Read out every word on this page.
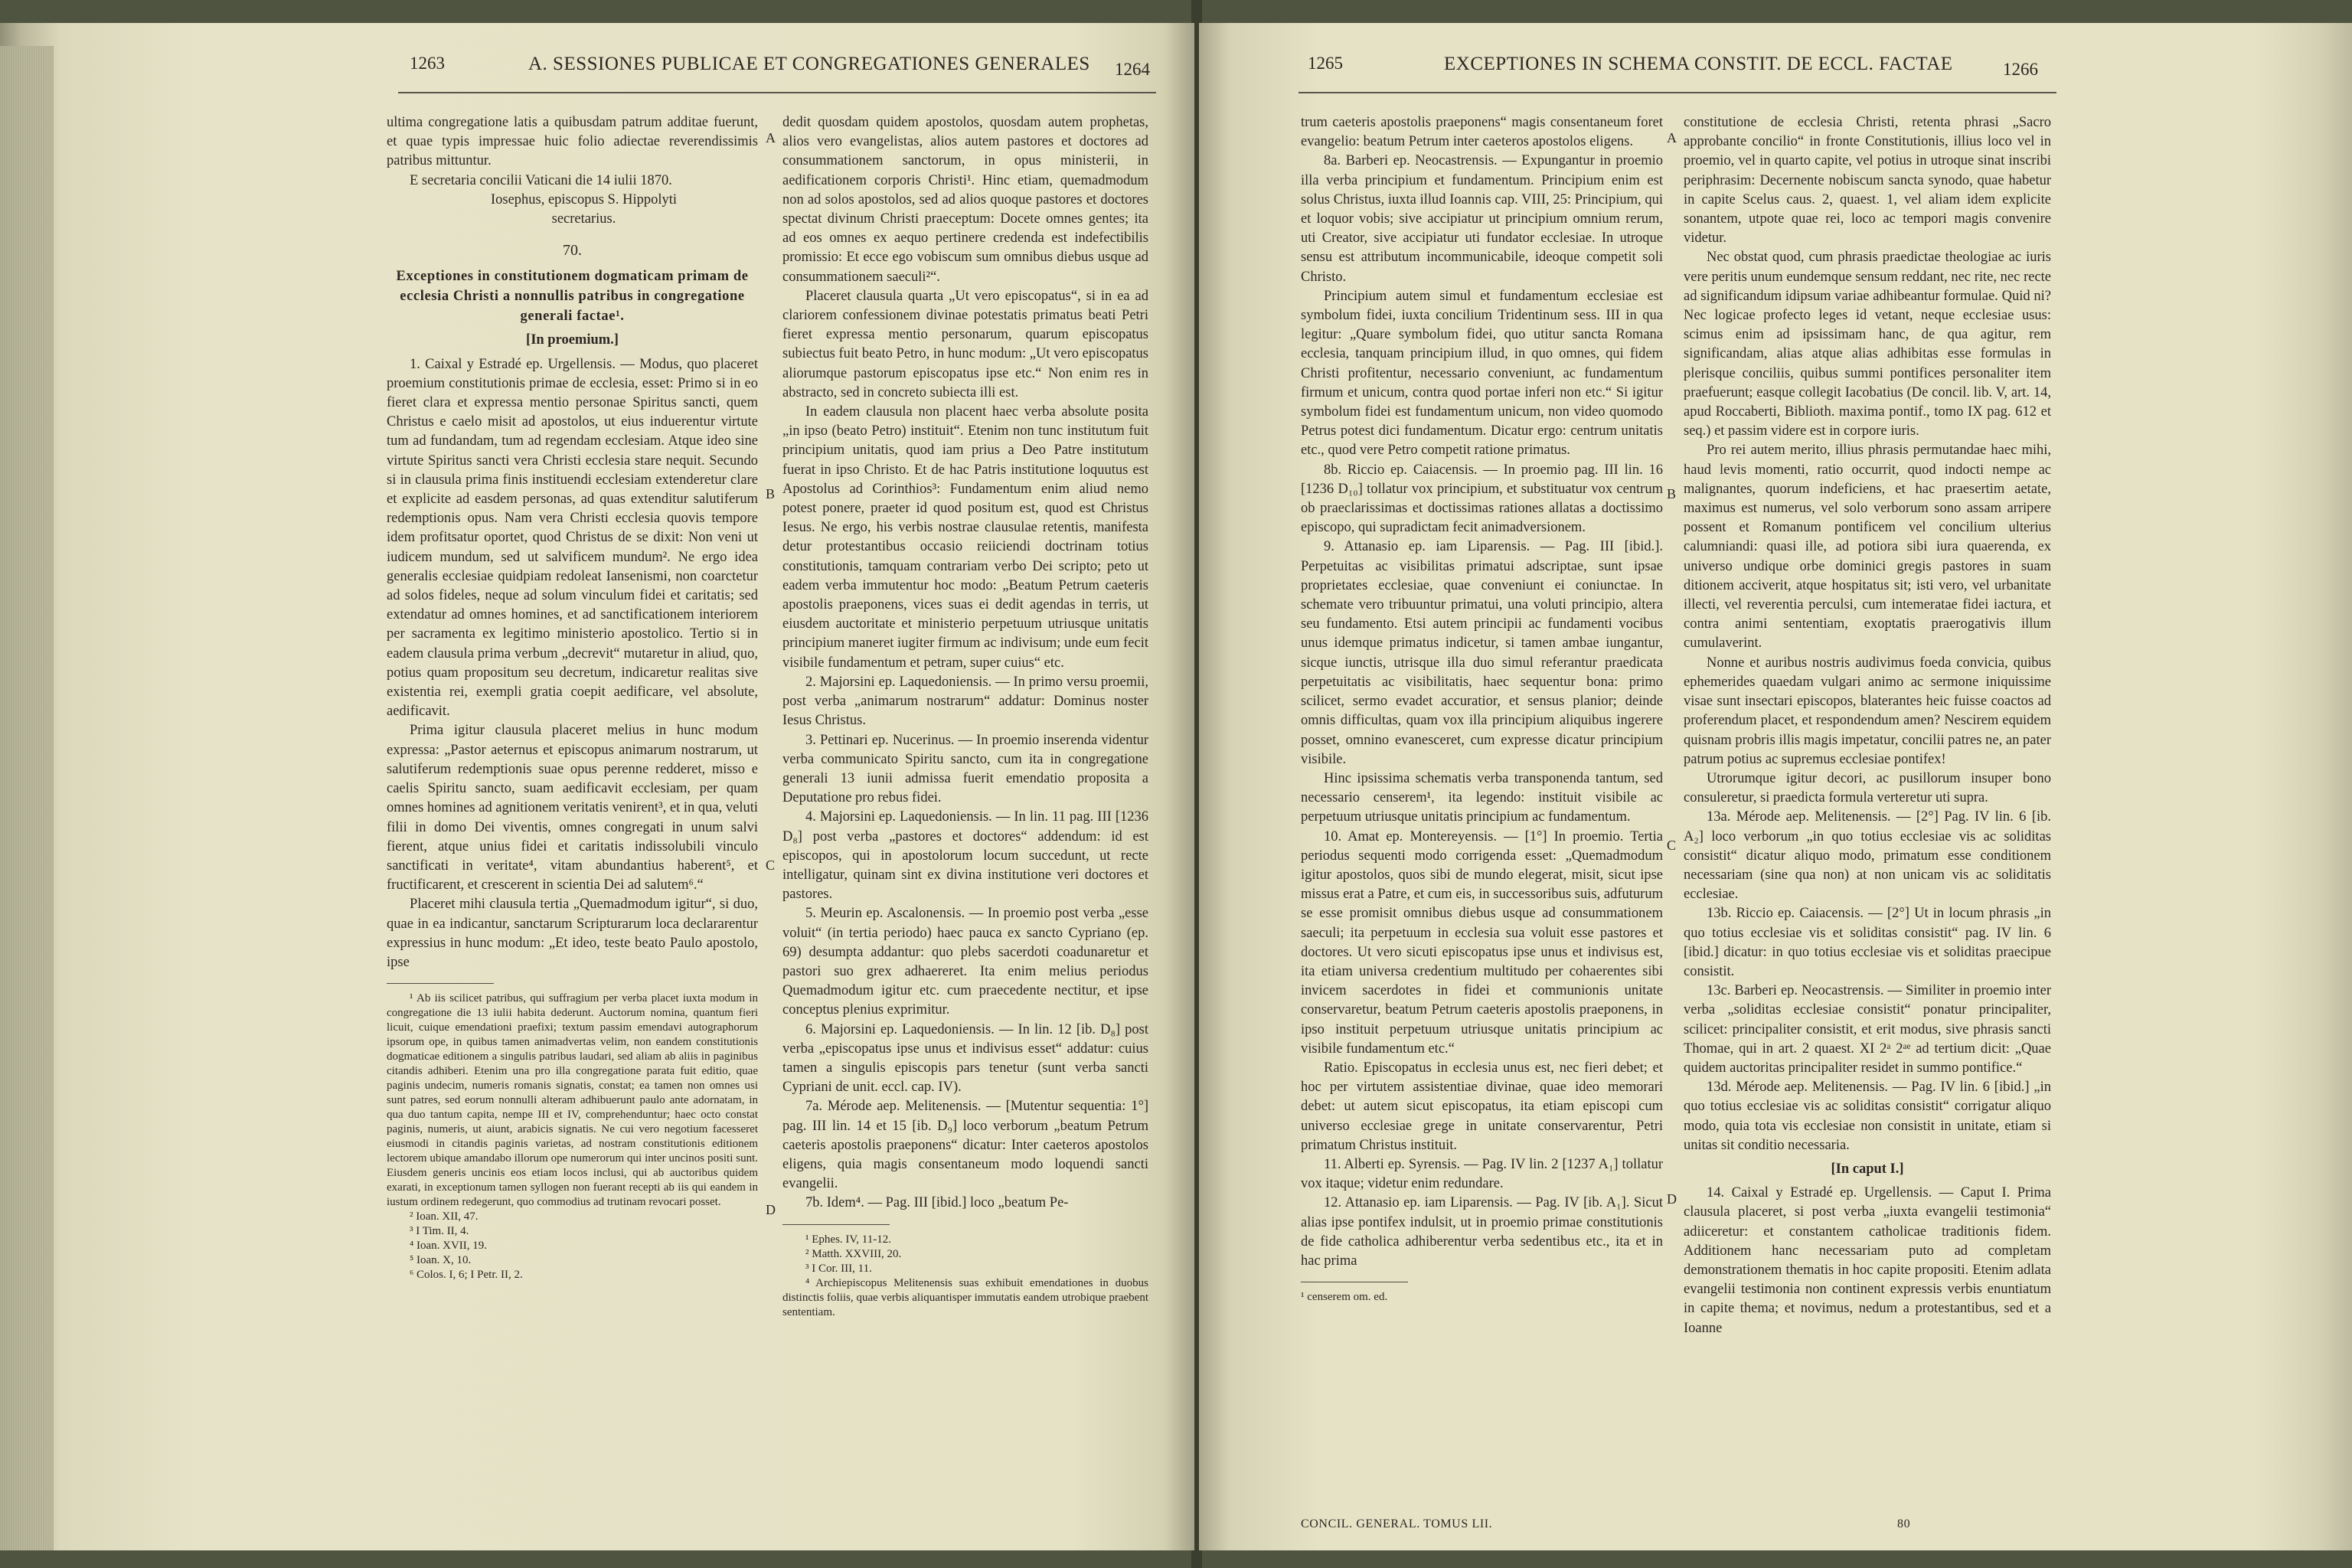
1263	A. SESSIONES PUBLICAE ET CONGREGATIONES GENERALES 1264

ultima congregatione latis a quibusdam patrum additae fuerunt, et quae typis impressae huic folio adiectae reverendissimis patribus mittuntur.

E secretaria concilii Vaticani die 14 iulii 1870.

Iosephus, episcopus S. Hippolyti

secretarius.

70.
Exceptiones in constitutionem dogmaticam primam de ecclesia Christi a nonnullis patribus in congregatione generali factae¹.
[In proemium.]

1. Caixal y Estradé ep. Urgellensis. — Modus, quo placeret proemium constitutionis primae de ecclesia, esset: Primo si in eo fieret clara et expressa mentio personae Spiritus sancti, quem Christus e caelo misit ad apostolos, ut eius induerentur virtute tum ad fundandam, tum ad regendam ecclesiam. Atque ideo sine virtute Spiritus sancti vera Christi ecclesia stare nequit. Secundo si in clausula prima finis instituendi ecclesiam extenderetur clare et explicite ad easdem personas, ad quas extenditur salutiferum redemptionis opus. Nam vera Christi ecclesia quovis tempore idem profitsatur oportet, quod Christus de se dixit: Non veni ut iudicem mundum, sed ut salvificem mundum². Ne ergo idea generalis ecclesiae quidpiam redoleat Iansenismi, non coarctetur ad solos fideles, neque ad solum vinculum fidei et caritatis; sed extendatur ad omnes homines, et ad sanctificationem interiorem per sacramenta ex legitimo ministerio apostolico. Tertio si in eadem clausula prima verbum „decrevit“ mutaretur in aliud, quo, potius quam propositum seu decretum, indicaretur realitas sive existentia rei, exempli gratia coepit aedificare, vel absolute, aedificavit.

Prima igitur clausula placeret melius in hunc modum expressa: „Pastor aeternus et episcopus animarum nostrarum, ut salutiferum redemptionis suae opus perenne redderet, misso e caelis Spiritu sancto, suam aedificavit ecclesiam, per quam omnes homines ad agnitionem veritatis venirent³, et in qua, veluti filii in domo Dei viventis, omnes congregati in unum salvi fierent, atque unius fidei et caritatis indissolubili vinculo sanctificati in veritate⁴, vitam abundantius haberent⁵, et fructificarent, et crescerent in scientia Dei ad salutem⁶.“

Placeret mihi clausula tertia „Quemadmodum igitur“, si duo, quae in ea indicantur, sanctarum Scripturarum loca declararentur expressius in hunc modum: „Et ideo, teste beato Paulo apostolo, ipse

¹ Ab iis scilicet patribus, qui suffragium per verba placet iuxta modum in congregatione die 13 iulii habita dederunt. Auctorum nomina, quantum fieri licuit, cuique emendationi praefixi; textum passim emendavi autographorum ipsorum ope, in quibus tamen animadvertas velim, non eandem constitutionis dogmaticae editionem a singulis patribus laudari, sed aliam ab aliis in paginibus citandis adhiberi. Etenim una pro illa congregatione parata fuit editio, quae paginis undecim, numeris romanis signatis, constat; ea tamen non omnes usi sunt patres, sed eorum nonnulli alteram adhibuerunt paulo ante adornatam, in qua duo tantum capita, nempe III et IV, comprehenduntur; haec octo constat paginis, numeris, ut aiunt, arabicis signatis. Ne cui vero negotium facesseret eiusmodi in citandis paginis varietas, ad nostram constitutionis editionem lectorem ubique amandabo illorum ope numerorum qui inter uncinos positi sunt. Eiusdem generis uncinis eos etiam locos inclusi, qui ab auctoribus quidem exarati, in exceptionum tamen syllogen non fuerant recepti ab iis qui eandem in iustum ordinem redegerunt, quo commodius ad trutinam revocari posset.

² Ioan. XII, 47.

³ I Tim. II, 4.

⁴ Ioan. XVII, 19.

⁵ Ioan. X, 10.

⁶ Colos. I, 6; I Petr. II, 2.

A
B
C
D

dedit quosdam quidem apostolos, quosdam autem prophetas, alios vero evangelistas, alios autem pastores et doctores ad consummationem sanctorum, in opus ministerii, in aedificationem corporis Christi¹. Hinc etiam, quemadmodum non ad solos apostolos, sed ad alios quoque pastores et doctores spectat divinum Christi praeceptum: Docete omnes gentes; ita ad eos omnes ex aequo pertinere credenda est indefectibilis promissio: Et ecce ego vobiscum sum omnibus diebus usque ad consummationem saeculi²“.

Placeret clausula quarta „Ut vero episcopatus“, si in ea ad clariorem confessionem divinae potestatis primatus beati Petri fieret expressa mentio personarum, quarum episcopatus subiectus fuit beato Petro, in hunc modum: „Ut vero episcopatus aliorumque pastorum episcopatus ipse etc.“ Non enim res in abstracto, sed in concreto subiecta illi est.

In eadem clausula non placent haec verba absolute posita „in ipso (beato Petro) instituit“. Etenim non tunc institutum fuit principium unitatis, quod iam prius a Deo Patre institutum fuerat in ipso Christo. Et de hac Patris institutione loquutus est Apostolus ad Corinthios³: Fundamentum enim aliud nemo potest ponere, praeter id quod positum est, quod est Christus Iesus. Ne ergo, his verbis nostrae clausulae retentis, manifesta detur protestantibus occasio reiiciendi doctrinam totius constitutionis, tamquam contrariam verbo Dei scripto; peto ut eadem verba immutentur hoc modo: „Beatum Petrum caeteris apostolis praeponens, vices suas ei dedit agendas in terris, ut eiusdem auctoritate et ministerio perpetuum utriusque unitatis principium maneret iugiter firmum ac indivisum; unde eum fecit visibile fundamentum et petram, super cuius“ etc.

2. Majorsini ep. Laquedoniensis. — In primo versu proemii, post verba „animarum nostrarum“ addatur: Dominus noster Iesus Christus.

3. Pettinari ep. Nucerinus. — In proemio inserenda videntur verba communicato Spiritu sancto, cum ita in congregatione generali 13 iunii admissa fuerit emendatio proposita a Deputatione pro rebus fidei.

4. Majorsini ep. Laquedoniensis. — In lin. 11 pag. III [1236 D₈] post verba „pastores et doctores“ addendum: id est episcopos, qui in apostolorum locum succedunt, ut recte intelligatur, quinam sint ex divina institutione veri doctores et pastores.

5. Meurin ep. Ascalonensis. — In proemio post verba „esse voluit“ (in tertia periodo) haec pauca ex sancto Cypriano (ep. 69) desumpta addantur: quo plebs sacerdoti coadunaretur et pastori suo grex adhaereret. Ita enim melius periodus Quemadmodum igitur etc. cum praecedente nectitur, et ipse conceptus plenius exprimitur.

6. Majorsini ep. Laquedoniensis. — In lin. 12 [ib. D₈] post verba „episcopatus ipse unus et indivisus esset“ addatur: cuius tamen a singulis episcopis pars tenetur (sunt verba sancti Cypriani de unit. eccl. cap. IV).

7a. Mérode aep. Melitenensis. — [Mutentur sequentia: 1°] pag. III lin. 14 et 15 [ib. D₉] loco verborum „beatum Petrum caeteris apostolis praeponens“ dicatur: Inter caeteros apostolos eligens, quia magis consentaneum modo loquendi sancti evangelii.

7b. Idem⁴. — Pag. III [ibid.] loco „beatum Pe-

¹ Ephes. IV, 11-12.

² Matth. XXVIII, 20.

³ I Cor. III, 11.

⁴ Archiepiscopus Melitenensis suas exhibuit emendationes in duobus distinctis foliis, quae verbis aliquantisper immutatis eandem utrobique praebent sententiam.

1265	EXCEPTIONES IN SCHEMA CONSTIT. DE ECCL. FACTAE	1266

trum caeteris apostolis praeponens“ magis consentaneum foret evangelio: beatum Petrum inter caeteros apostolos eligens.

8a. Barberi ep. Neocastrensis. — Expungantur in proemio illa verba principium et fundamentum. Principium enim est solus Christus, iuxta illud Ioannis cap. VIII, 25: Principium, qui et loquor vobis; sive accipiatur ut principium omnium rerum, uti Creator, sive accipiatur uti fundator ecclesiae. In utroque sensu est attributum incommunicabile, ideoque competit soli Christo.

Principium autem simul et fundamentum ecclesiae est symbolum fidei, iuxta concilium Tridentinum sess. III in qua legitur: „Quare symbolum fidei, quo utitur sancta Romana ecclesia, tanquam principium illud, in quo omnes, qui fidem Christi profitentur, necessario conveniunt, ac fundamentum firmum et unicum, contra quod portae inferi non etc.“ Si igitur symbolum fidei est fundamentum unicum, non video quomodo Petrus potest dici fundamentum. Dicatur ergo: centrum unitatis etc., quod vere Petro competit ratione primatus.

8b. Riccio ep. Caiacensis. — In proemio pag. III lin. 16 [1236 D₁₀] tollatur vox principium, et substituatur vox centrum ob praeclarissimas et doctissimas rationes allatas a doctissimo episcopo, qui supradictam fecit animadversionem.

9. Attanasio ep. iam Liparensis. — Pag. III [ibid.]. Perpetuitas ac visibilitas primatui adscriptae, sunt ipsae proprietates ecclesiae, quae conveniunt ei coniunctae. In schemate vero tribuuntur primatui, una voluti principio, altera seu fundamento. Etsi autem principii ac fundamenti vocibus unus idemque primatus indicetur, si tamen ambae iungantur, sicque iunctis, utrisque illa duo simul referantur praedicata perpetuitatis ac visibilitatis, haec sequentur bona: primo scilicet, sermo evadet accuratior, et sensus planior; deinde omnis difficultas, quam vox illa principium aliquibus ingerere posset, omnino evanesceret, cum expresse dicatur principium visibile.

Hinc ipsissima schematis verba transponenda tantum, sed necessario censerem¹, ita legendo: instituit visibile ac perpetuum utriusque unitatis principium ac fundamentum.

10. Amat ep. Montereyensis. — [1°] In proemio. Tertia periodus sequenti modo corrigenda esset: „Quemadmodum igitur apostolos, quos sibi de mundo elegerat, misit, sicut ipse missus erat a Patre, et cum eis, in successoribus suis, adfuturum se esse promisit omnibus diebus usque ad consummationem saeculi; ita perpetuum in ecclesia sua voluit esse pastores et doctores. Ut vero sicuti episcopatus ipse unus et indivisus est, ita etiam universa credentium multitudo per cohaerentes sibi invicem sacerdotes in fidei et communionis unitate conservaretur, beatum Petrum caeteris apostolis praeponens, in ipso instituit perpetuum utriusque unitatis principium ac visibile fundamentum etc.“

Ratio. Episcopatus in ecclesia unus est, nec fieri debet; et hoc per virtutem assistentiae divinae, quae ideo memorari debet: ut autem sicut episcopatus, ita etiam episcopi cum universo ecclesiae grege in unitate conservarentur, Petri primatum Christus instituit.

11. Alberti ep. Syrensis. — Pag. IV lin. 2 [1237 A₁] tollatur vox itaque; videtur enim redundare.

12. Attanasio ep. iam Liparensis. — Pag. IV [ib. A₁]. Sicut alias ipse pontifex indulsit, ut in proemio primae constitutionis de fide catholica adhiberentur verba sedentibus etc., ita et in hac prima

¹ censerem om. ed.
A
B
C
D

constitutione de ecclesia Christi, retenta phrasi „Sacro approbante concilio“ in fronte Constitutionis, illius loco vel in proemio, vel in quarto capite, vel potius in utroque sinat inscribi periphrasim: Decernente nobiscum sancta synodo, quae habetur in capite Scelus caus. 2, quaest. 1, vel aliam idem explicite sonantem, utpote quae rei, loco ac tempori magis convenire videtur.

Nec obstat quod, cum phrasis praedictae theologiae ac iuris vere peritis unum eundemque sensum reddant, nec rite, nec recte ad significandum idipsum variae adhibeantur formulae. Quid ni? Nec logicae profecto leges id vetant, neque ecclesiae usus: scimus enim ad ipsissimam hanc, de qua agitur, rem significandam, alias atque alias adhibitas esse formulas in plerisque conciliis, quibus summi pontifices personaliter item praefuerunt; easque collegit Iacobatius (De concil. lib. V, art. 14, apud Roccaberti, Biblioth. maxima pontif., tomo IX pag. 612 et seq.) et passim videre est in corpore iuris.

Pro rei autem merito, illius phrasis permutandae haec mihi, haud levis momenti, ratio occurrit, quod indocti nempe ac malignantes, quorum indeficiens, et hac praesertim aetate, maximus est numerus, vel solo verborum sono assam arripere possent et Romanum pontificem vel concilium ulterius calumniandi: quasi ille, ad potiora sibi iura quaerenda, ex universo undique orbe dominici gregis pastores in suam ditionem acciverit, atque hospitatus sit; isti vero, vel urbanitate illecti, vel reverentia perculsi, cum intemeratae fidei iactura, et contra animi sententiam, exoptatis praerogativis illum cumulaverint.

Nonne et auribus nostris audivimus foeda convicia, quibus ephemerides quaedam vulgari animo ac sermone iniquissime visae sunt insectari episcopos, blaterantes heic fuisse coactos ad proferendum placet, et respondendum amen? Nescirem equidem quisnam probris illis magis impetatur, concilii patres ne, an pater patrum potius ac supremus ecclesiae pontifex!

Utrorumque igitur decori, ac pusillorum insuper bono consuleretur, si praedicta formula verteretur uti supra.

13a. Mérode aep. Melitenensis. — [2°] Pag. IV lin. 6 [ib. A₂] loco verborum „in quo totius ecclesiae vis ac soliditas consistit“ dicatur aliquo modo, primatum esse conditionem necessariam (sine qua non) at non unicam vis ac soliditatis ecclesiae.

13b. Riccio ep. Caiacensis. — [2°] Ut in locum phrasis „in quo totius ecclesiae vis et soliditas consistit“ pag. IV lin. 6 [ibid.] dicatur: in quo totius ecclesiae vis et soliditas praecipue consistit.

13c. Barberi ep. Neocastrensis. — Similiter in proemio inter verba „soliditas ecclesiae consistit“ ponatur principaliter, scilicet: principaliter consistit, et erit modus, sive phrasis sancti Thomae, qui in art. 2 quaest. XI 2ᵃ 2ᵃᵉ ad tertium dicit: „Quae quidem auctoritas principaliter residet in summo pontifice.“

13d. Mérode aep. Melitenensis. — Pag. IV lin. 6 [ibid.] „in quo totius ecclesiae vis ac soliditas consistit“ corrigatur aliquo modo, quia tota vis ecclesiae non consistit in unitate, etiam si unitas sit conditio necessaria.

[In caput I.]

14. Caixal y Estradé ep. Urgellensis. — Caput I. Prima clausula placeret, si post verba „iuxta evangelii testimonia“ adiiceretur: et constantem catholicae traditionis fidem. Additionem hanc necessariam puto ad completam demonstrationem thematis in hoc capite propositi. Etenim adlata evangelii testimonia non continent expressis verbis enuntiatum in capite thema; et novimus, nedum a protestantibus, sed et a Ioanne

CONCIL. GENERAL. TOMUS LII.	80
